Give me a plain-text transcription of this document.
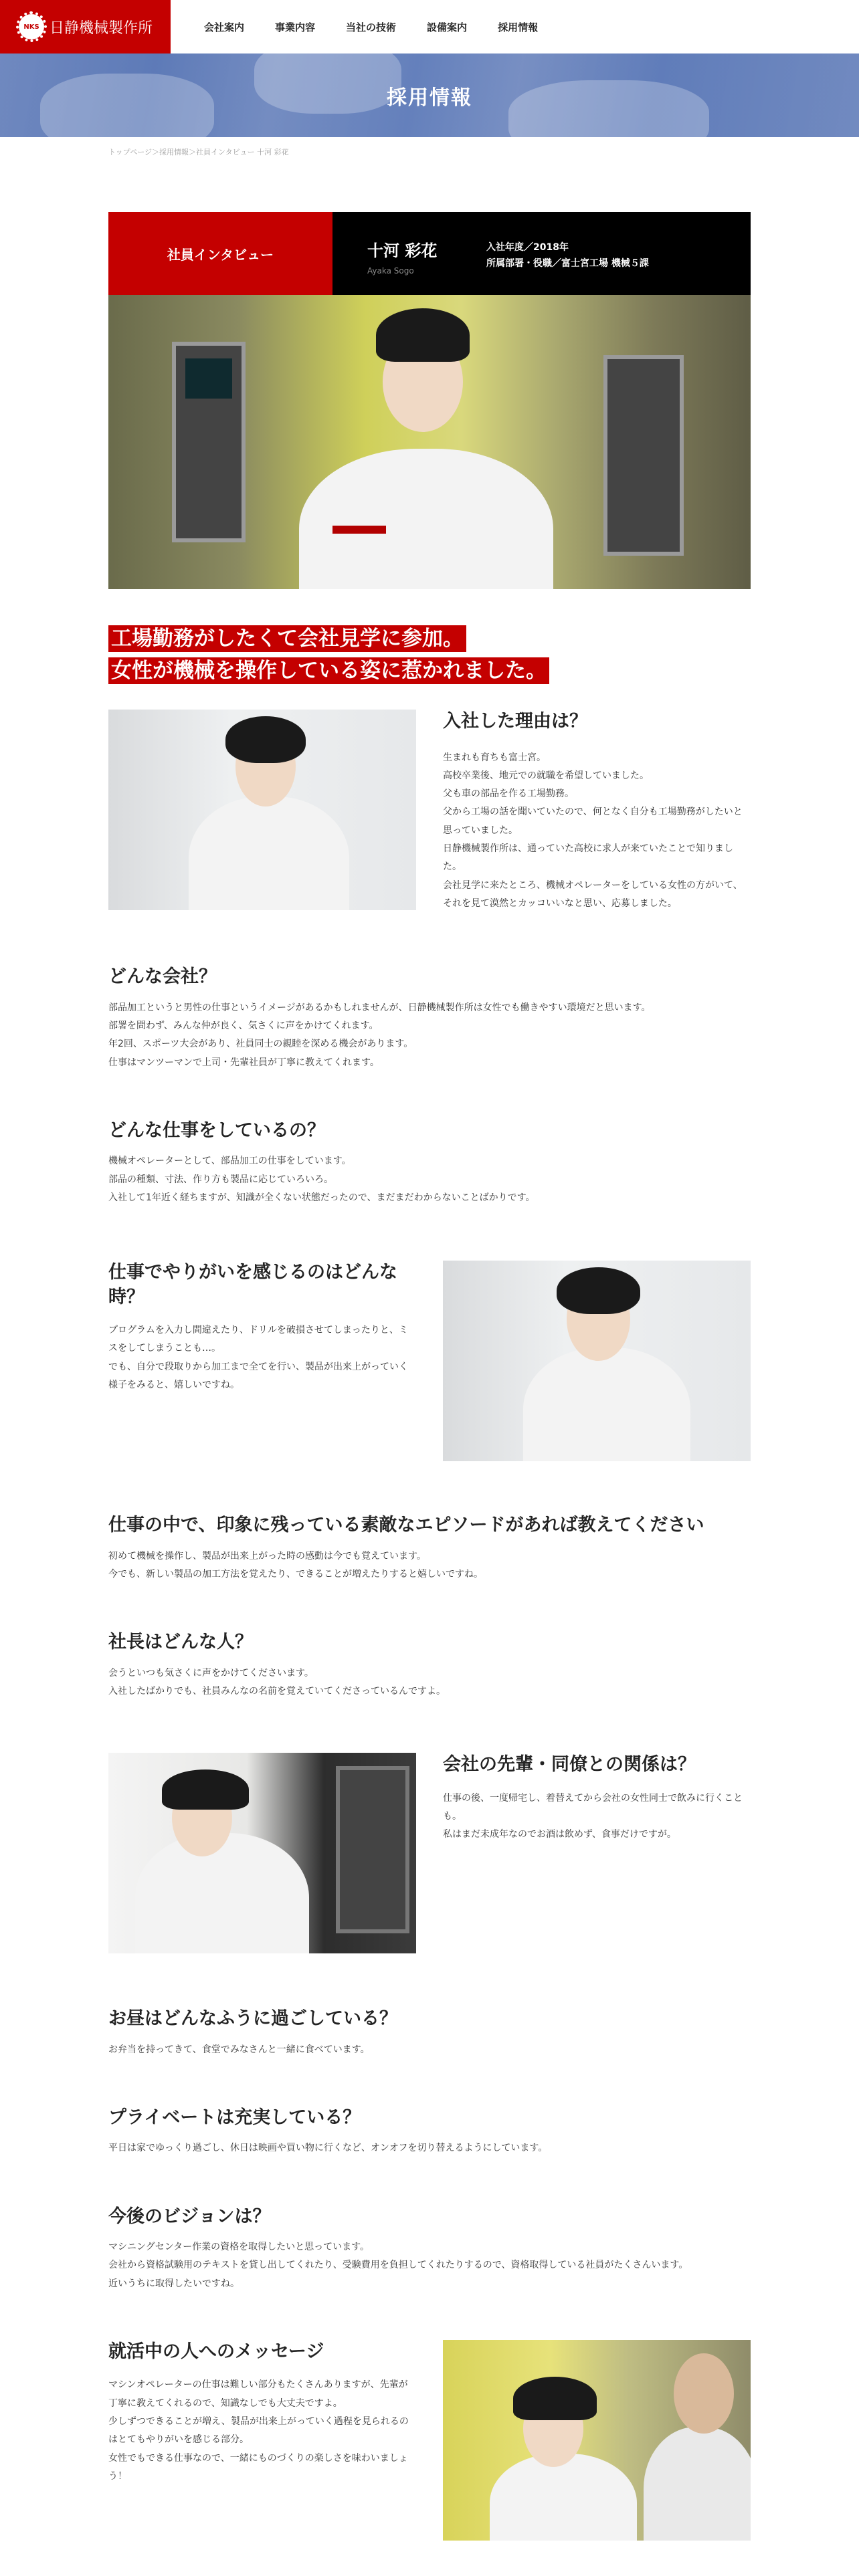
NKS 日静機械製作所	会社案内	事業内容	当社の技術	設備案内	採用情報
採用情報
トップページ＞採用情報＞社員インタビュー 十河 彩花
社員インタビュー	十河 彩花
Ayaka Sogo
入社年度／2018年
所属部署・役職／富士宮工場 機械５課
工場勤務がしたくて会社見学に参加。
女性が機械を操作している姿に惹かれました。
入社した理由は？

生まれも育ちも富士宮。
高校卒業後、地元での就職を希望していました。
父も車の部品を作る工場勤務。
父から工場の話を聞いていたので、何となく自分も工場勤務がしたいと思っていました。
日静機械製作所は、通っていた高校に求人が来ていたことで知りました。
会社見学に来たところ、機械オペレーターをしている女性の方がいて、
それを見て漠然とカッコいいなと思い、応募しました。

どんな会社？

部品加工というと男性の仕事というイメージがあるかもしれませんが、日静機械製作所は女性でも働きやすい環境だと思います。
部署を問わず、みんな仲が良く、気さくに声をかけてくれます。
年2回、スポーツ大会があり、社員同士の親睦を深める機会があります。
仕事はマンツーマンで上司・先輩社員が丁寧に教えてくれます。

どんな仕事をしているの？

機械オペレーターとして、部品加工の仕事をしています。
部品の種類、寸法、作り方も製品に応じていろいろ。
入社して1年近く経ちますが、知識が全くない状態だったので、まだまだわからないことばかりです。

仕事でやりがいを感じるのはどんな時？

プログラムを入力し間違えたり、ドリルを破損させてしまったりと、ミスをしてしまうことも…。
でも、自分で段取りから加工まで全てを行い、製品が出来上がっていく様子をみると、嬉しいですね。

仕事の中で、印象に残っている素敵なエピソードがあれば教えてください

初めて機械を操作し、製品が出来上がった時の感動は今でも覚えています。
今でも、新しい製品の加工方法を覚えたり、できることが増えたりすると嬉しいですね。

社長はどんな人？

会うといつも気さくに声をかけてくださいます。
入社したばかりでも、社員みんなの名前を覚えていてくださっているんですよ。

会社の先輩・同僚との関係は？

仕事の後、一度帰宅し、着替えてから会社の女性同士で飲みに行くことも。
私はまだ未成年なのでお酒は飲めず、食事だけですが。

お昼はどんなふうに過ごしている？

お弁当を持ってきて、食堂でみなさんと一緒に食べています。

プライベートは充実している？

平日は家でゆっくり過ごし、休日は映画や買い物に行くなど、オンオフを切り替えるようにしています。

今後のビジョンは？

マシニングセンター作業の資格を取得したいと思っています。
会社から資格試験用のテキストを貸し出してくれたり、受験費用を負担してくれたりするので、資格取得している社員がたくさんいます。
近いうちに取得したいですね。

就活中の人へのメッセージ

マシンオペレーターの仕事は難しい部分もたくさんありますが、先輩が丁寧に教えてくれるので、知識なしでも大丈夫ですよ。
少しずつできることが増え、製品が出来上がっていく過程を見られるのはとてもやりがいを感じる部分。
女性でもできる仕事なので、一緒にものづくりの楽しさを味わいましょう！
